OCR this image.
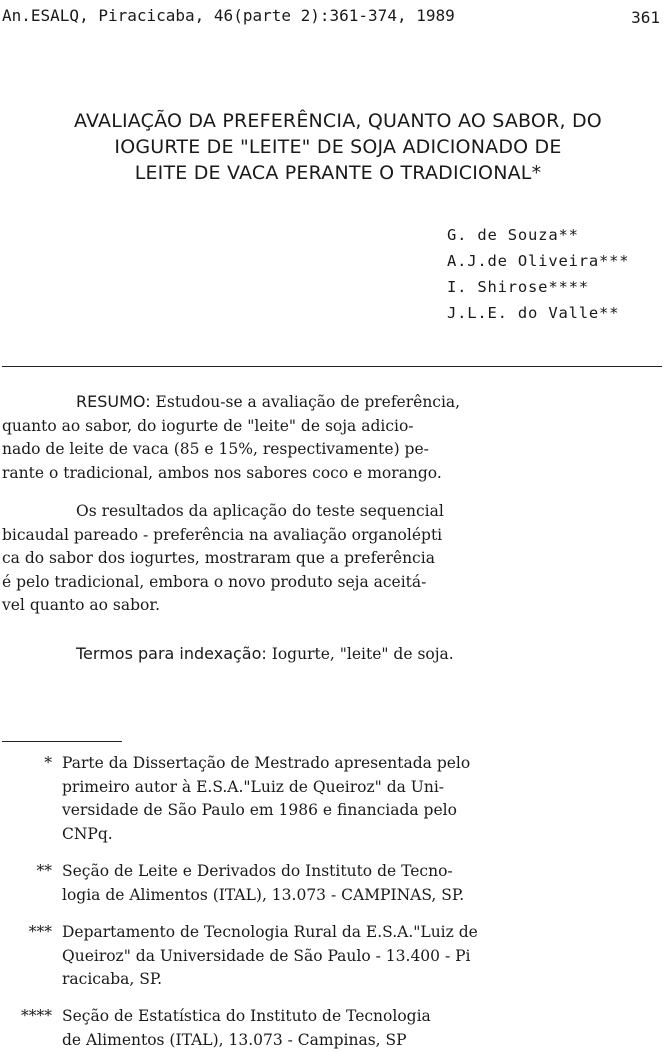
An.ESALQ, Piracicaba, 46(parte 2):361-374, 1989	361
AVALIAÇÃO DA PREFERÊNCIA, QUANTO AO SABOR, DO
IOGURTE DE "LEITE" DE SOJA ADICIONADO DE
LEITE DE VACA PERANTE O TRADICIONAL*
G. de Souza**
A.J.de Oliveira***
I. Shirose****
J.L.E. do Valle**
RESUMO: Estudou-se a avaliação de preferência,
quanto ao sabor, do iogurte de "leite" de soja adicio-
nado de leite de vaca (85 e 15%, respectivamente) pe-
rante o tradicional, ambos nos sabores coco e morango.
Os resultados da aplicação do teste sequencial
bicaudal pareado - preferência na avaliação organolépti
ca do sabor dos iogurtes, mostraram que a preferência
é pelo tradicional, embora o novo produto seja aceitá-
vel quanto ao sabor.
Termos para indexação: Iogurte, "leite" de soja.
* Parte da Dissertação de Mestrado apresentada pelo
primeiro autor à E.S.A."Luiz de Queiroz" da Uni-
versidade de São Paulo em 1986 e financiada pelo
CNPq.
** Seção de Leite e Derivados do Instituto de Tecno-
logia de Alimentos (ITAL), 13.073 - CAMPINAS, SP.
*** Departamento de Tecnologia Rural da E.S.A."Luiz de
Queiroz" da Universidade de São Paulo - 13.400 - Pi
racicaba, SP.
**** Seção de Estatística do Instituto de Tecnologia
de Alimentos (ITAL), 13.073 - Campinas, SP
